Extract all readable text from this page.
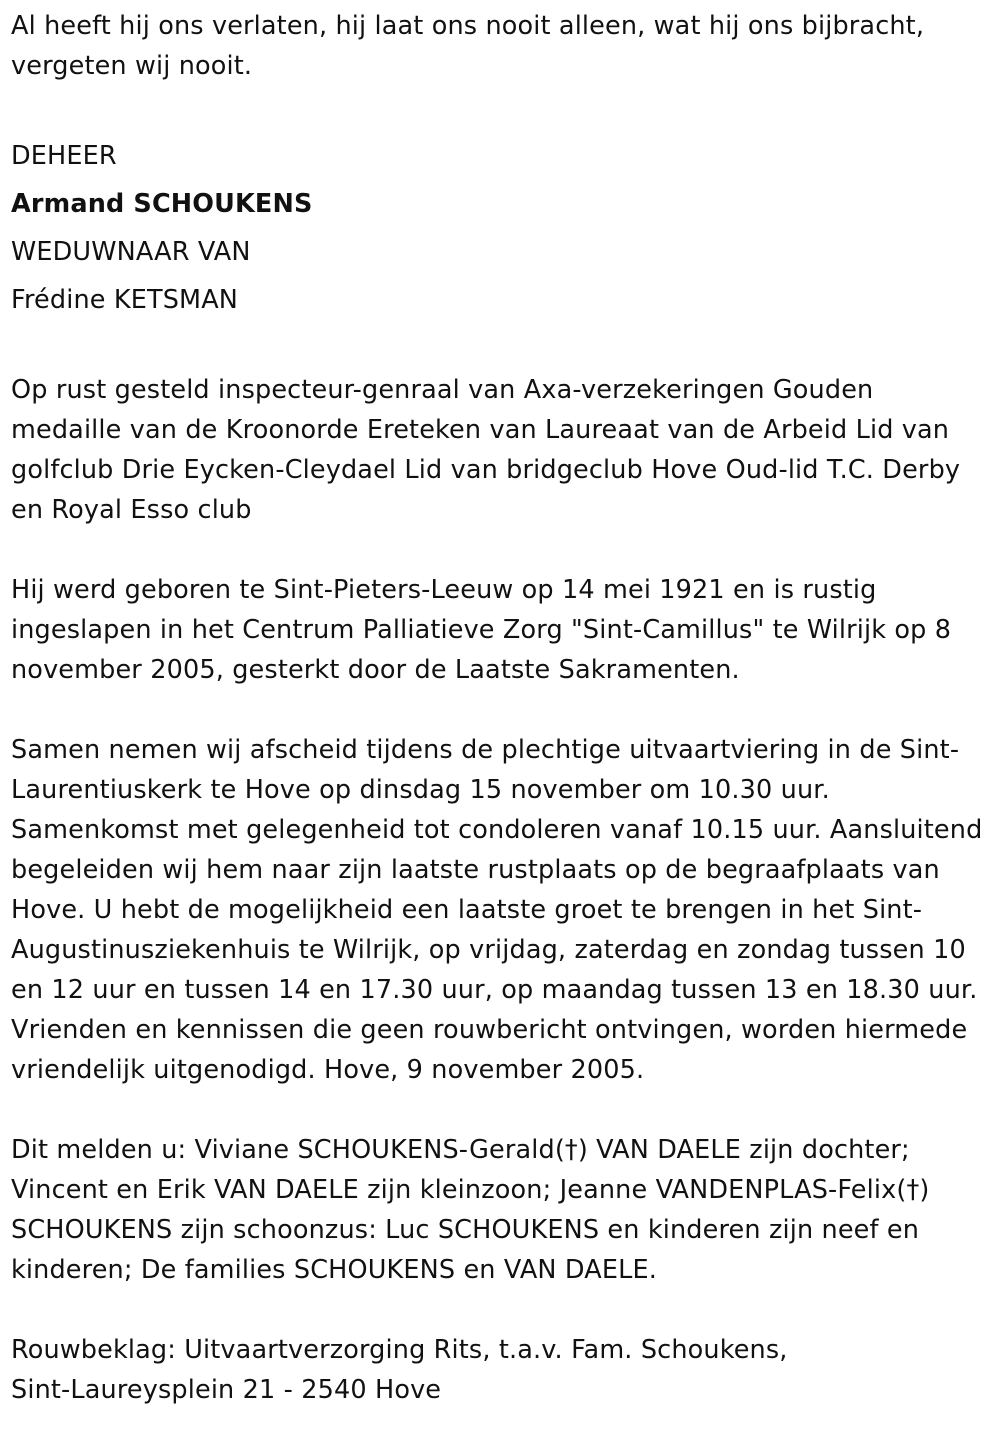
Al heeft hij ons verlaten, hij laat ons nooit alleen, wat hij ons bijbracht, vergeten wij nooit.

DEHEER
Armand SCHOUKENS
WEDUWNAAR VAN
Frédine KETSMAN

Op rust gesteld inspecteur-genraal van Axa-verzekeringen Gouden medaille van de Kroonorde Ereteken van Laureaat van de Arbeid Lid van golfclub Drie Eycken-Cleydael Lid van bridgeclub Hove Oud-lid T.C. Derby en Royal Esso club

Hij werd geboren te Sint-Pieters-Leeuw op 14 mei 1921 en is rustig ingeslapen in het Centrum Palliatieve Zorg "Sint-Camillus" te Wilrijk op 8 november 2005, gesterkt door de Laatste Sakramenten.

Samen nemen wij afscheid tijdens de plechtige uitvaartviering in de Sint-Laurentiuskerk te Hove op dinsdag 15 november om 10.30 uur. Samenkomst met gelegenheid tot condoleren vanaf 10.15 uur. Aansluitend begeleiden wij hem naar zijn laatste rustplaats op de begraafplaats van Hove. U hebt de mogelijkheid een laatste groet te brengen in het Sint-Augustinusziekenhuis te Wilrijk, op vrijdag, zaterdag en zondag tussen 10 en 12 uur en tussen 14 en 17.30 uur, op maandag tussen 13 en 18.30 uur. Vrienden en kennissen die geen rouwbericht ontvingen, worden hiermede vriendelijk uitgenodigd. Hove, 9 november 2005.

Dit melden u: Viviane SCHOUKENS-Gerald(†) VAN DAELE zijn dochter; Vincent en Erik VAN DAELE zijn kleinzoon; Jeanne VANDENPLAS-Felix(†) SCHOUKENS zijn schoonzus: Luc SCHOUKENS en kinderen zijn neef en kinderen; De families SCHOUKENS en VAN DAELE.

Rouwbeklag: Uitvaartverzorging Rits, t.a.v. Fam. Schoukens,
Sint-Laureysplein 21 - 2540 Hove
